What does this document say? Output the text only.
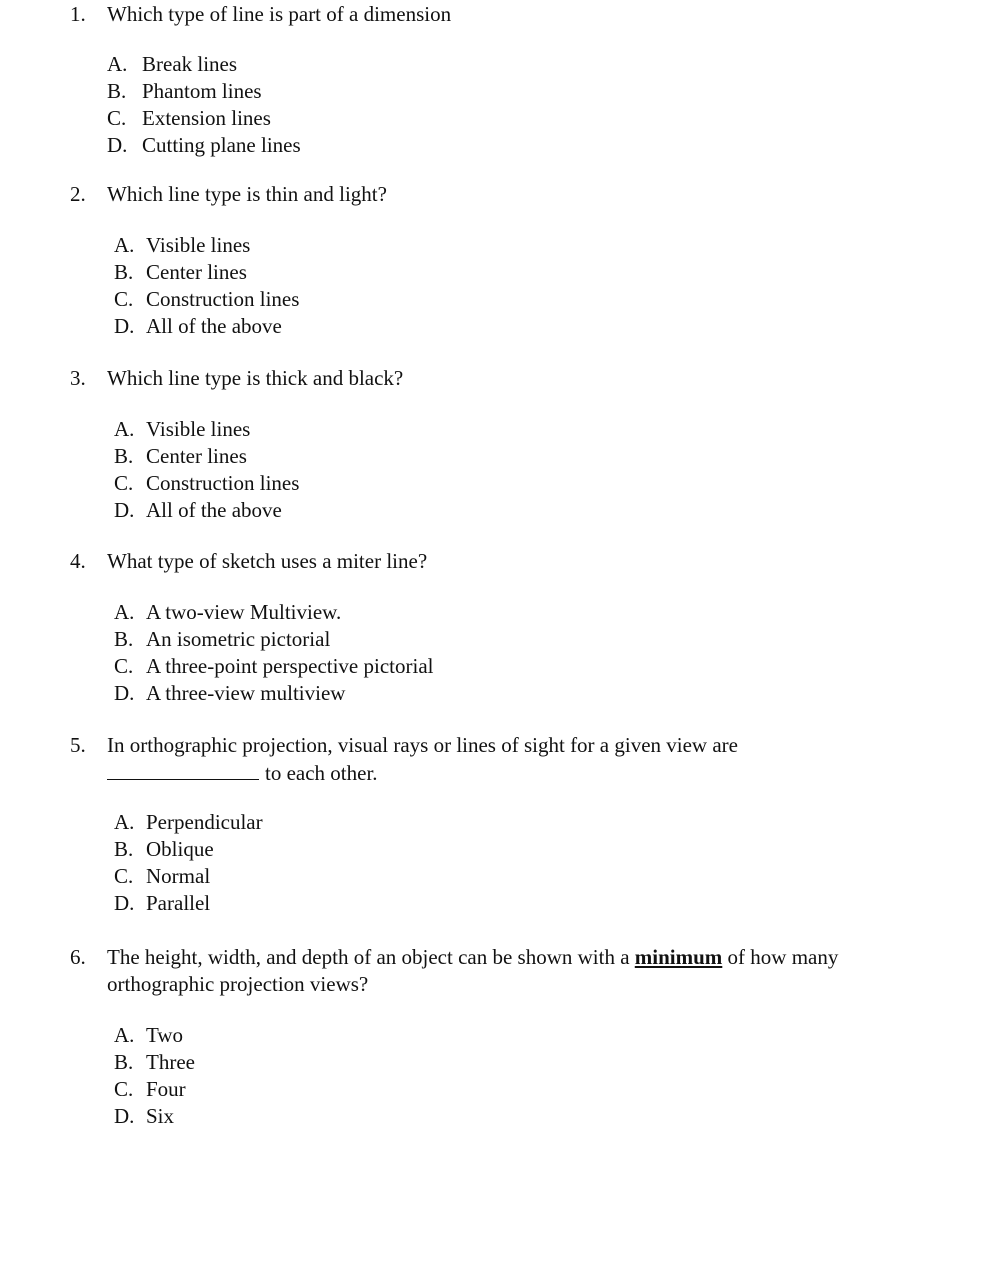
1. Which type of line is part of a dimension
A. Break lines
B. Phantom lines
C. Extension lines
D. Cutting plane lines
2. Which line type is thin and light?
A. Visible lines
B. Center lines
C. Construction lines
D. All of the above
3. Which line type is thick and black?
A. Visible lines
B. Center lines
C. Construction lines
D. All of the above
4. What type of sketch uses a miter line?
A. A two-view Multiview.
B. An isometric pictorial
C. A three-point perspective pictorial
D. A three-view multiview
5. In orthographic projection, visual rays or lines of sight for a given view are
to each other.
A. Perpendicular
B. Oblique
C. Normal
D. Parallel
6. The height, width, and depth of an object can be shown with a minimum of how many orthographic projection views?
A. Two
B. Three
C. Four
D. Six
